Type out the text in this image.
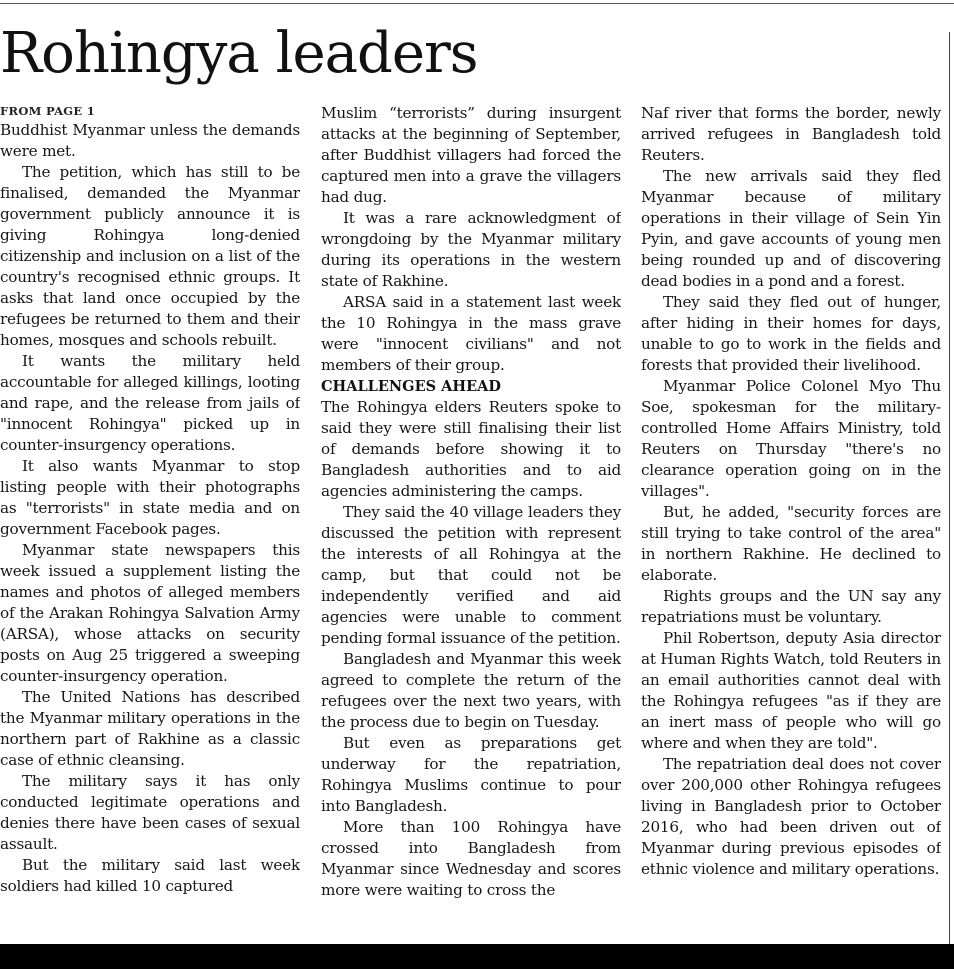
Rohingya leaders
FROM PAGE 1

Buddhist Myanmar unless the demands were met.

The petition, which has still to be finalised, demanded the Myanmar government publicly announce it is giving Rohingya long-denied citizenship and inclusion on a list of the country's recognised ethnic groups. It asks that land once occupied by the refugees be returned to them and their homes, mosques and schools rebuilt.

It wants the military held accountable for alleged killings, looting and rape, and the release from jails of "innocent Rohingya" picked up in counter-insurgency operations.

It also wants Myanmar to stop listing people with their photographs as "terrorists" in state media and on government Facebook pages.

Myanmar state newspapers this week issued a supplement listing the names and photos of alleged members of the Arakan Rohingya Salvation Army (ARSA), whose attacks on security posts on Aug 25 triggered a sweeping counter-insurgency operation.

The United Nations has described the Myanmar military operations in the northern part of Rakhine as a classic case of ethnic cleansing.

The military says it has only conducted legitimate operations and denies there have been cases of sexual assault.

But the military said last week soldiers had killed 10 captured

Muslim “terrorists” during insurgent attacks at the beginning of September, after Buddhist villagers had forced the captured men into a grave the villagers had dug.

It was a rare acknowledgment of wrongdoing by the Myanmar military during its operations in the western state of Rakhine.

ARSA said in a statement last week the 10 Rohingya in the mass grave were "innocent civilians" and not members of their group.

CHALLENGES AHEAD

The Rohingya elders Reuters spoke to said they were still finalising their list of demands before showing it to Bangladesh authorities and to aid agencies administering the camps.

They said the 40 village leaders they discussed the petition with represent the interests of all Rohingya at the camp, but that could not be independently verified and aid agencies were unable to comment pending formal issuance of the petition.

Bangladesh and Myanmar this week agreed to complete the return of the refugees over the next two years, with the process due to begin on Tuesday.

But even as preparations get underway for the repatriation, Rohingya Muslims continue to pour into Bangladesh.

More than 100 Rohingya have crossed into Bangladesh from Myanmar since Wednesday and scores more were waiting to cross the

Naf river that forms the border, newly arrived refugees in Bangladesh told Reuters.

The new arrivals said they fled Myanmar because of military operations in their village of Sein Yin Pyin, and gave accounts of young men being rounded up and of discovering dead bodies in a pond and a forest.

They said they fled out of hunger, after hiding in their homes for days, unable to go to work in the fields and forests that provided their livelihood.

Myanmar Police Colonel Myo Thu Soe, spokesman for the military-controlled Home Affairs Ministry, told Reuters on Thursday "there's no clearance operation going on in the villages".

But, he added, "security forces are still trying to take control of the area" in northern Rakhine. He declined to elaborate.

Rights groups and the UN say any repatriations must be voluntary.

Phil Robertson, deputy Asia director at Human Rights Watch, told Reuters in an email authorities cannot deal with the Rohingya refugees "as if they are an inert mass of people who will go where and when they are told".

The repatriation deal does not cover over 200,000 other Rohingya refugees living in Bangladesh prior to October 2016, who had been driven out of Myanmar during previous episodes of ethnic violence and military operations.
